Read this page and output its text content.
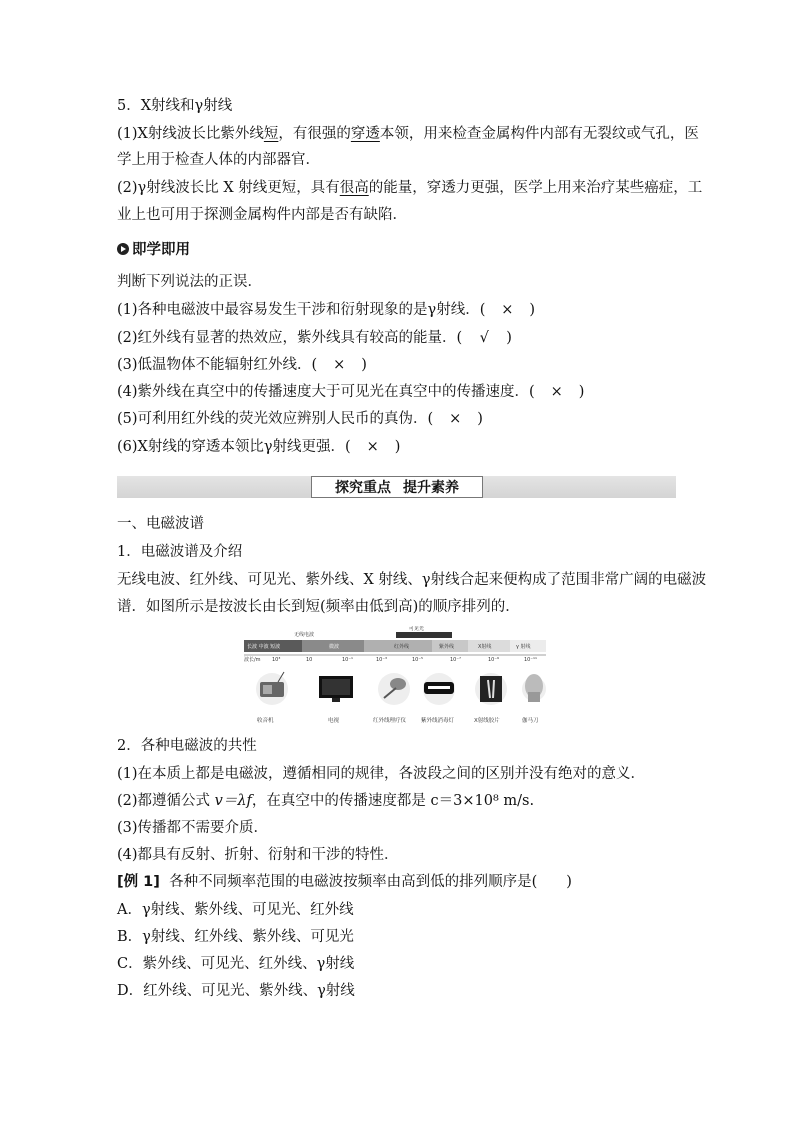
5．X射线和γ射线
(1)X射线波长比紫外线短，有很强的穿透本领，用来检查金属构件内部有无裂纹或气孔，医
学上用于检查人体的内部器官．
(2)γ射线波长比 X 射线更短，具有很高的能量，穿透力更强，医学上用来治疗某些癌症，工
业上也可用于探测金属构件内部是否有缺陷．
即学即用
判断下列说法的正误．
(1)各种电磁波中最容易发生干涉和衍射现象的是γ射线．( × )
(2)红外线有显著的热效应，紫外线具有较高的能量．( √ )
(3)低温物体不能辐射红外线．( × )
(4)紫外线在真空中的传播速度大于可见光在真空中的传播速度．( × )
(5)可利用红外线的荧光效应辨别人民币的真伪．( × )
(6)X射线的穿透本领比γ射线更强．( × )
探究重点 提升素养
一、电磁波谱
1．电磁波谱及介绍
无线电波、红外线、可见光、紫外线、X 射线、γ射线合起来便构成了范围非常广阔的电磁波
谱．如图所示是按波长由长到短(频率由低到高)的顺序排列的．
可见光
无线电波
长波 中波 短波	微波	红外线	紫外线	X射线	γ 射线
波长/m 10³	10	10⁻¹	10⁻³	10⁻⁵	10⁻⁷	10⁻⁹	10⁻¹¹
收音机	电视	红外线理疗仪	紫外线消毒灯	X射线胶片	伽马刀
2．各种电磁波的共性
(1)在本质上都是电磁波，遵循相同的规律，各波段之间的区别并没有绝对的意义．
(2)都遵循公式 v＝λf，在真空中的传播速度都是 c＝3×10⁸ m/s.
(3)传播都不需要介质．
(4)都具有反射、折射、衍射和干涉的特性．
[例 1] 各种不同频率范围的电磁波按频率由高到低的排列顺序是(　　)
A．γ射线、紫外线、可见光、红外线
B．γ射线、红外线、紫外线、可见光
C．紫外线、可见光、红外线、γ射线
D．红外线、可见光、紫外线、γ射线
